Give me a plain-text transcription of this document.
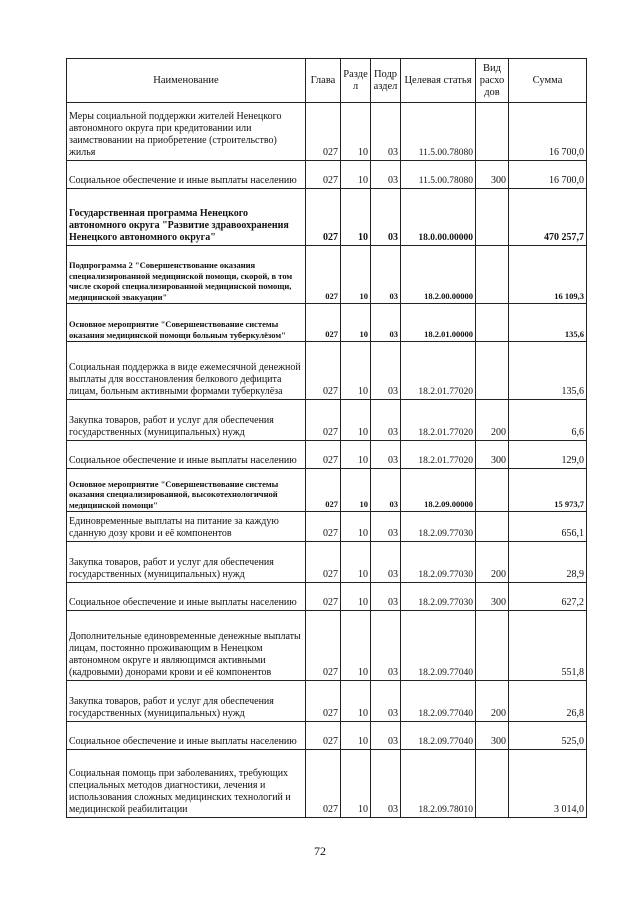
Наименование	Глава	Разде л	Подр аздел	Целевая статья	Вид расхо дов	Сумма
Меры социальной поддержки жителей Ненецкого автономного округа при кредитовании или заимствовании на приобретение (строительство) жилья	027	10	03	11.5.00.78080		16 700,0
Социальное обеспечение и иные выплаты населению	027	10	03	11.5.00.78080	300	16 700,0
Государственная программа Ненецкого автономного округа "Развитие здравоохранения Ненецкого автономного округа"	027	10	03	18.0.00.00000		470 257,7
Подпрограмма 2 "Совершенствование оказания специализированной медицинской помощи, скорой, в том числе скорой специализированной медицинской помощи, медицинской эвакуации"	027	10	03	18.2.00.00000		16 109,3
Основное мероприятие "Совершенствование системы оказания медицинской помощи больным туберкулёзом"	027	10	03	18.2.01.00000		135,6
Социальная поддержка в виде ежемесячной денежной выплаты для восстановления белкового дефицита лицам, больным активными формами туберкулёза	027	10	03	18.2.01.77020		135,6
Закупка товаров, работ и услуг для обеспечения государственных (муниципальных) нужд	027	10	03	18.2.01.77020	200	6,6
Социальное обеспечение и иные выплаты населению	027	10	03	18.2.01.77020	300	129,0
Основное мероприятие "Совершенствование системы оказания специализированной, высокотехнологичной медицинской помощи"	027	10	03	18.2.09.00000		15 973,7
Единовременные выплаты на питание за каждую сданную дозу крови и её компонентов	027	10	03	18.2.09.77030		656,1
Закупка товаров, работ и услуг для обеспечения государственных (муниципальных) нужд	027	10	03	18.2.09.77030	200	28,9
Социальное обеспечение и иные выплаты населению	027	10	03	18.2.09.77030	300	627,2
Дополнительные единовременные денежные выплаты лицам, постоянно проживающим в Ненецком автономном округе и являющимся активными (кадровыми) донорами крови и её компонентов	027	10	03	18.2.09.77040		551,8
Закупка товаров, работ и услуг для обеспечения государственных (муниципальных) нужд	027	10	03	18.2.09.77040	200	26,8
Социальное обеспечение и иные выплаты населению	027	10	03	18.2.09.77040	300	525,0
Социальная помощь при заболеваниях, требующих специальных методов диагностики, лечения и использования сложных медицинских технологий и медицинской реабилитации	027	10	03	18.2.09.78010		3 014,0
72
